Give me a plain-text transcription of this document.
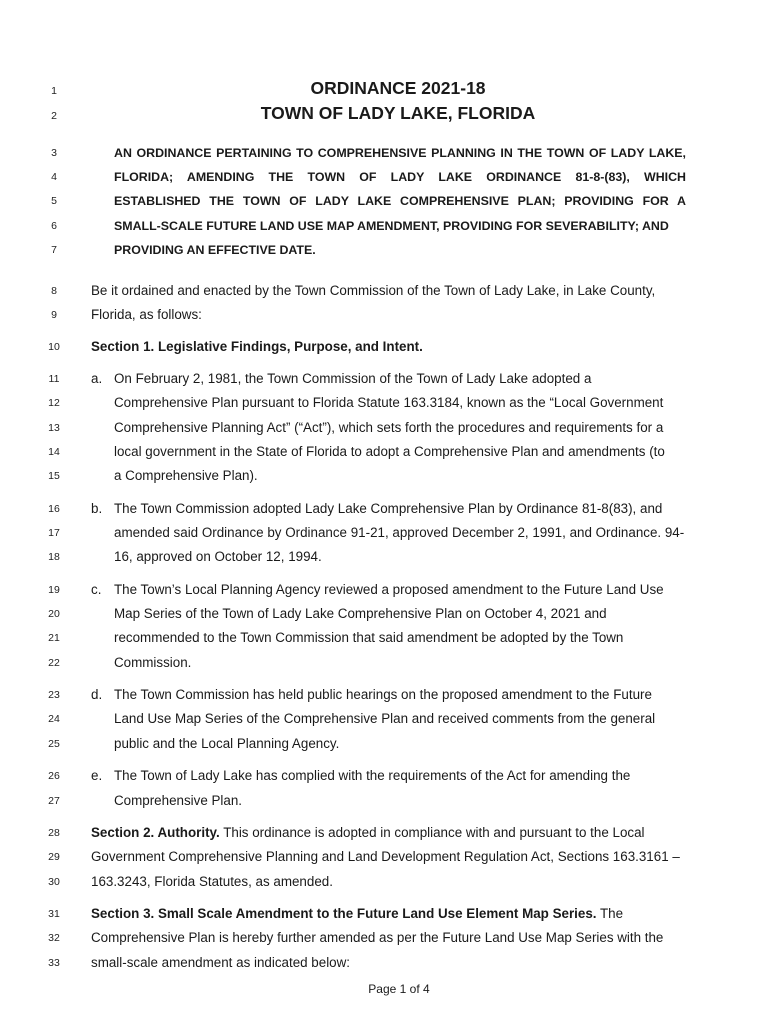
1
2
3
4
5
6
7
8
9
10
11
12
13
14
15
16
17
18
19
20
21
22
23
24
25
26
27
28
29
30
31
32
33
ORDINANCE 2021-18
TOWN OF LADY LAKE, FLORIDA
AN ORDINANCE PERTAINING TO COMPREHENSIVE PLANNING IN THE TOWN OF LADY LAKE,
FLORIDA; AMENDING THE TOWN OF LADY LAKE ORDINANCE 81-8-(83), WHICH
ESTABLISHED THE TOWN OF LADY LAKE COMPREHENSIVE PLAN; PROVIDING FOR A
SMALL-SCALE FUTURE LAND USE MAP AMENDMENT, PROVIDING FOR SEVERABILITY; AND
PROVIDING AN EFFECTIVE DATE.
Be it ordained and enacted by the Town Commission of the Town of Lady Lake, in Lake County,
Florida, as follows:
Section 1. Legislative Findings, Purpose, and Intent.
a. On February 2, 1981, the Town Commission of the Town of Lady Lake adopted a
Comprehensive Plan pursuant to Florida Statute 163.3184, known as the “Local Government
Comprehensive Planning Act” (“Act”), which sets forth the procedures and requirements for a
local government in the State of Florida to adopt a Comprehensive Plan and amendments (to
a Comprehensive Plan).
b. The Town Commission adopted Lady Lake Comprehensive Plan by Ordinance 81-8(83), and
amended said Ordinance by Ordinance 91-21, approved December 2, 1991, and Ordinance. 94-
16, approved on October 12, 1994.
c. The Town’s Local Planning Agency reviewed a proposed amendment to the Future Land Use
Map Series of the Town of Lady Lake Comprehensive Plan on October 4, 2021 and
recommended to the Town Commission that said amendment be adopted by the Town
Commission.
d. The Town Commission has held public hearings on the proposed amendment to the Future
Land Use Map Series of the Comprehensive Plan and received comments from the general
public and the Local Planning Agency.
e. The Town of Lady Lake has complied with the requirements of the Act for amending the
Comprehensive Plan.
Section 2. Authority. This ordinance is adopted in compliance with and pursuant to the Local
Government Comprehensive Planning and Land Development Regulation Act, Sections 163.3161 –
163.3243, Florida Statutes, as amended.
Section 3. Small Scale Amendment to the Future Land Use Element Map Series. The
Comprehensive Plan is hereby further amended as per the Future Land Use Map Series with the
small-scale amendment as indicated below:
Page 1 of 4
